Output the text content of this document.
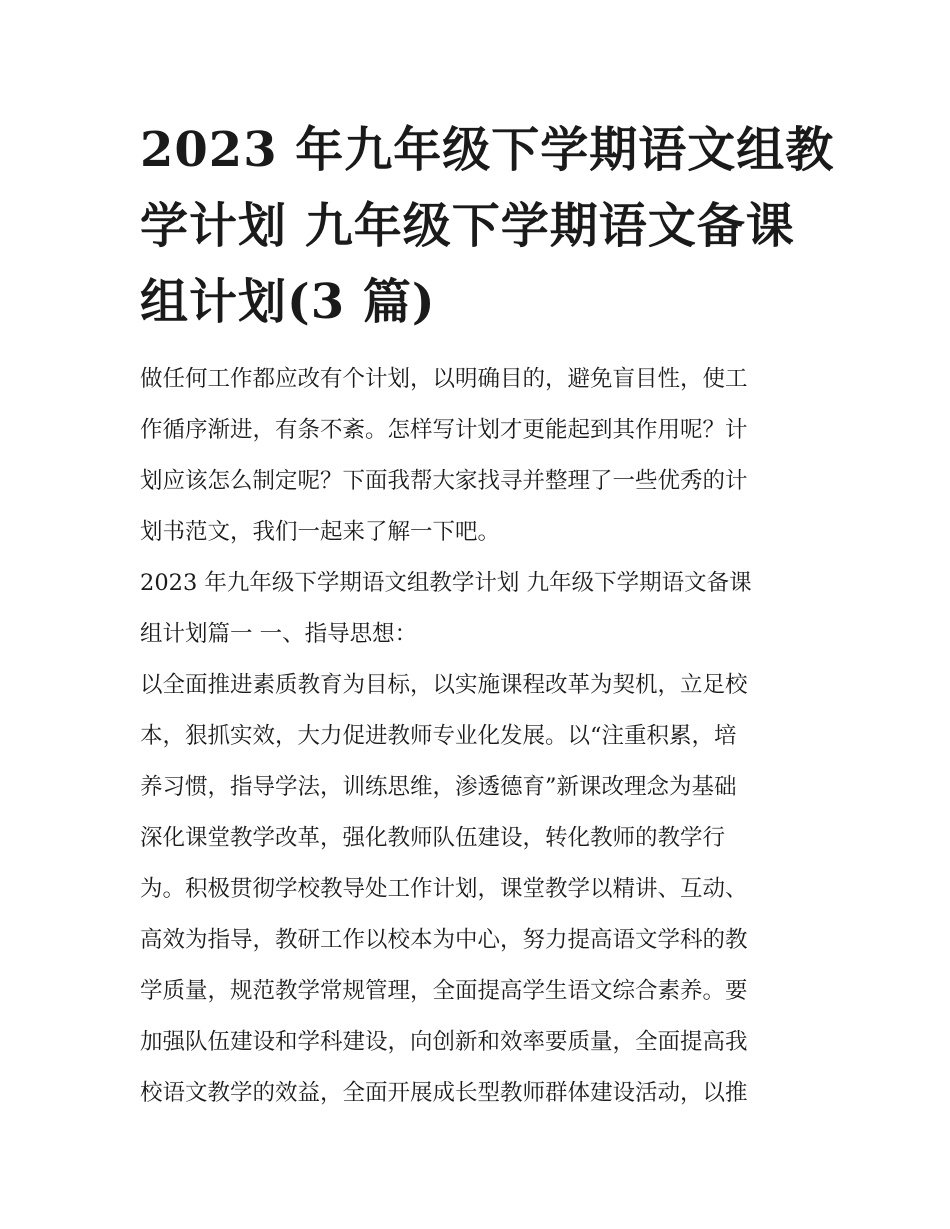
2023 年九年级下学期语文组教
学计划 九年级下学期语文备课
组计划(3 篇)
做任何工作都应改有个计划，以明确目的，避免盲目性，使工
作循序渐进，有条不紊。怎样写计划才更能起到其作用呢？计
划应该怎么制定呢？下面我帮大家找寻并整理了一些优秀的计
划书范文，我们一起来了解一下吧。
2023 年九年级下学期语文组教学计划 九年级下学期语文备课
组计划篇一 一、指导思想：
以全面推进素质教育为目标，以实施课程改革为契机，立足校
本，狠抓实效，大力促进教师专业化发展。以“注重积累，培
养习惯，指导学法，训练思维，渗透德育”新课改理念为基础
深化课堂教学改革，强化教师队伍建设，转化教师的教学行
为。积极贯彻学校教导处工作计划，课堂教学以精讲、互动、
高效为指导，教研工作以校本为中心，努力提高语文学科的教
学质量，规范教学常规管理，全面提高学生语文综合素养。要
加强队伍建设和学科建设，向创新和效率要质量，全面提高我
校语文教学的效益，全面开展成长型教师群体建设活动，以推
